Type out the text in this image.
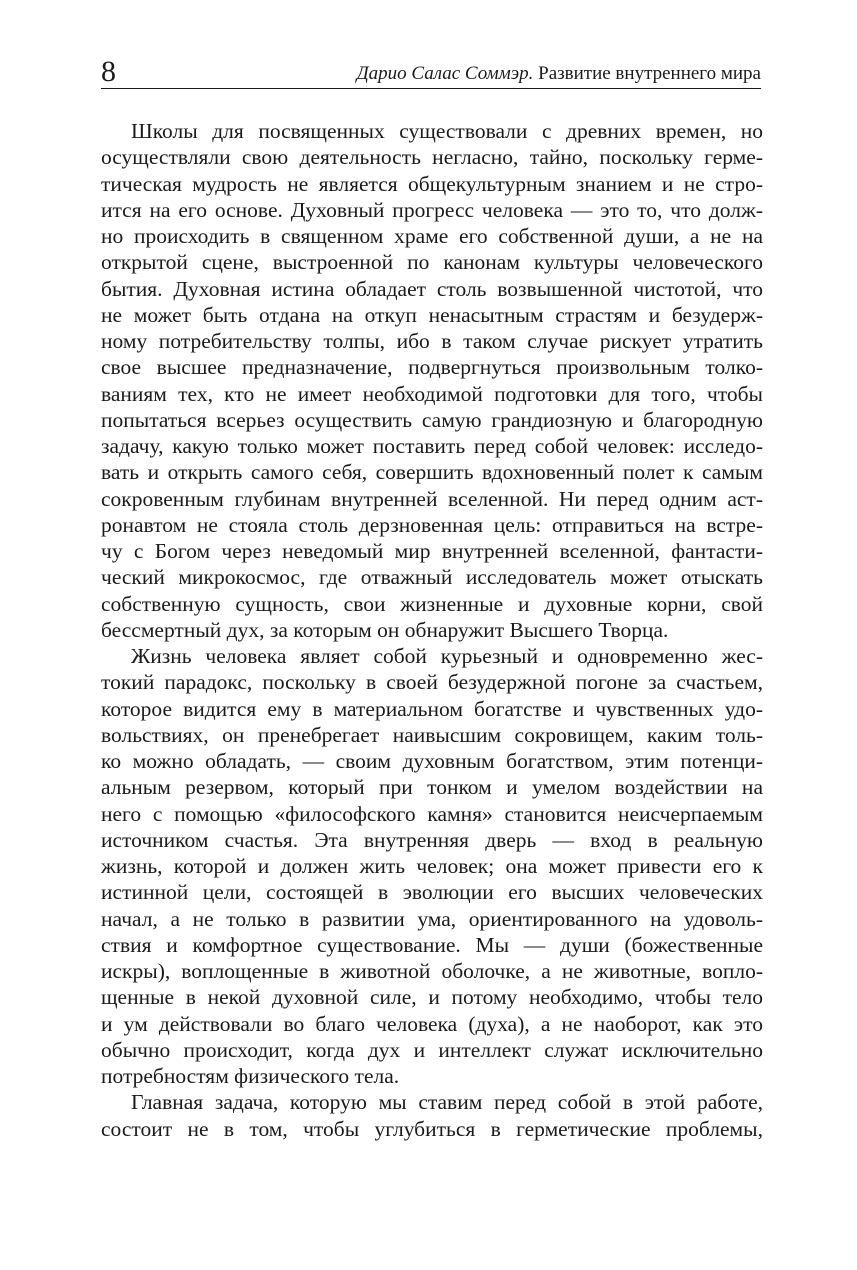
8	Дарио Салас Соммэр. Развитие внутреннего мира

Школы для посвященных существовали с древних времен, но
осуществляли свою деятельность негласно, тайно, поскольку герме-
тическая мудрость не является общекультурным знанием и не стро-
ится на его основе. Духовный прогресс человека — это то, что долж-
но происходить в священном храме его собственной души, а не на
открытой сцене, выстроенной по канонам культуры человеческого
бытия. Духовная истина обладает столь возвышенной чистотой, что
не может быть отдана на откуп ненасытным страстям и безудерж-
ному потребительству толпы, ибо в таком случае рискует утратить
свое высшее предназначение, подвергнуться произвольным толко-
ваниям тех, кто не имеет необходимой подготовки для того, чтобы
попытаться всерьез осуществить самую грандиозную и благородную
задачу, какую только может поставить перед собой человек: исследо-
вать и открыть самого себя, совершить вдохновенный полет к самым
сокровенным глубинам внутренней вселенной. Ни перед одним аст-
ронавтом не стояла столь дерзновенная цель: отправиться на встре-
чу с Богом через неведомый мир внутренней вселенной, фантасти-
ческий микрокосмос, где отважный исследователь может отыскать
собственную сущность, свои жизненные и духовные корни, свой
бессмертный дух, за которым он обнаружит Высшего Творца.

Жизнь человека являет собой курьезный и одновременно жес-
токий парадокс, поскольку в своей безудержной погоне за счастьем,
которое видится ему в материальном богатстве и чувственных удо-
вольствиях, он пренебрегает наивысшим сокровищем, каким толь-
ко можно обладать, — своим духовным богатством, этим потенци-
альным резервом, который при тонком и умелом воздействии на
него с помощью «философского камня» становится неисчерпаемым
источником счастья. Эта внутренняя дверь — вход в реальную
жизнь, которой и должен жить человек; она может привести его к
истинной цели, состоящей в эволюции его высших человеческих
начал, а не только в развитии ума, ориентированного на удоволь-
ствия и комфортное существование. Мы — души (божественные
искры), воплощенные в животной оболочке, а не животные, вопло-
щенные в некой духовной силе, и потому необходимо, чтобы тело
и ум действовали во благо человека (духа), а не наоборот, как это
обычно происходит, когда дух и интеллект служат исключительно
потребностям физического тела.

Главная задача, которую мы ставим перед собой в этой работе,
состоит не в том, чтобы углубиться в герметические проблемы,
